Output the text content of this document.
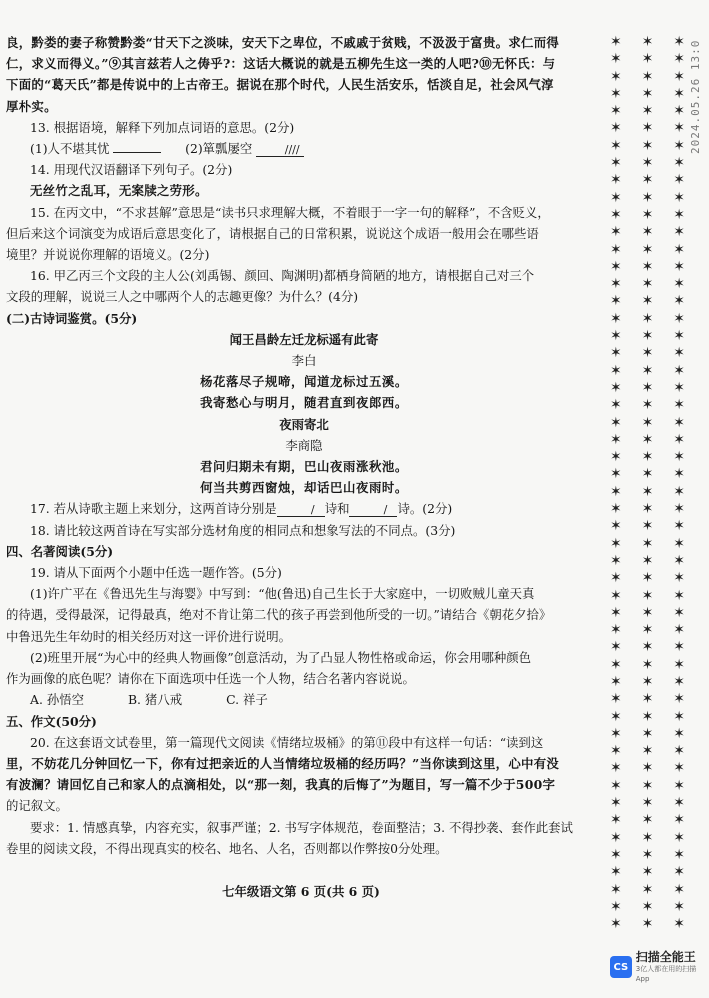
2024.05.26 13:0

良，黔娄的妻子称赞黔娄“甘天下之淡味，安天下之卑位，不戚戚于贫贱，不汲汲于富贵。求仁而得

仁，求义而得义。”⑨其言兹若人之俦乎?：这话大概说的就是五柳先生这一类的人吧?⑩无怀氏：与

下面的“葛天氏”都是传说中的上古帝王。据说在那个时代，人民生活安乐，恬淡自足，社会风气淳

厚朴实。

13. 根据语境，解释下列加点词语的意思。(2分)

(1)人不堪其忧	(2)箪瓢屡空	////

14. 用现代汉语翻译下列句子。(2分)

无丝竹之乱耳，无案牍之劳形。

15. 在丙文中，“不求甚解”意思是“读书只求理解大概，不着眼于一字一句的解释”，不含贬义，

但后来这个词演变为成语后意思变化了，请根据自己的日常积累，说说这个成语一般用会在哪些语

境里？并说说你理解的语境义。(2分)

16. 甲乙丙三个文段的主人公(刘禹锡、颜回、陶渊明)都栖身简陋的地方，请根据自己对三个

文段的理解，说说三人之中哪两个人的志趣更像？为什么？(4分)

(二)古诗词鉴赏。(5分)

闻王昌龄左迁龙标遥有此寄

李白

杨花落尽子规啼，闻道龙标过五溪。

我寄愁心与明月，随君直到夜郎西。

夜雨寄北

李商隐

君问归期未有期，巴山夜雨涨秋池。

何当共剪西窗烛，却话巴山夜雨时。

17. 若从诗歌主题上来划分，这两首诗分别是	/ 诗和	/ 诗。(2分)

18. 请比较这两首诗在写实部分选材角度的相同点和想象写法的不同点。(3分)

四、名著阅读(5分)

19. 请从下面两个小题中任选一题作答。(5分)

(1)许广平在《鲁迅先生与海婴》中写到：“他(鲁迅)自己生长于大家庭中，一切败贼儿童天真

的待遇，受得最深，记得最真，绝对不肯让第二代的孩子再尝到他所受的一切。”请结合《朝花夕拾》

中鲁迅先生年幼时的相关经历对这一评价进行说明。

(2)班里开展“为心中的经典人物画像”创意活动，为了凸显人物性格或命运，你会用哪种颜色

作为画像的底色呢？请你在下面选项中任选一个人物，结合名著内容说说。

A. 孙悟空	B. 猪八戒	C. 祥子

五、作文(50分)

20. 在这套语文试卷里，第一篇现代文阅读《情绪垃圾桶》的第⑪段中有这样一句话：“读到这

里，不妨花几分钟回忆一下，你有过把亲近的人当情绪垃圾桶的经历吗？”当你读到这里，心中有没

有波澜？请回忆自己和家人的点滴相处，以“那一刻，我真的后悔了”为题目，写一篇不少于500字

的记叙文。

要求：1. 情感真挚，内容充实，叙事严谨；2. 书写字体规范，卷面整洁；3. 不得抄袭、套作此套试

卷里的阅读文段，不得出现真实的校名、地名、人名，否则都以作弊按0分处理。

七年级语文第 6 页(共 6 页)
✶ ✶ ✶
✶ ✶ ✶
✶ ✶ ✶
✶ ✶ ✶
✶ ✶ ✶
✶ ✶ ✶
✶ ✶ ✶
✶ ✶ ✶
✶ ✶ ✶
✶ ✶ ✶
✶ ✶ ✶
✶ ✶ ✶
✶ ✶ ✶
✶ ✶ ✶
✶ ✶ ✶
✶ ✶ ✶
✶ ✶ ✶
✶ ✶ ✶
✶ ✶ ✶
✶ ✶ ✶
✶ ✶ ✶
✶ ✶ ✶
✶ ✶ ✶
✶ ✶ ✶
✶ ✶ ✶
✶ ✶ ✶
✶ ✶ ✶
✶ ✶ ✶
✶ ✶ ✶
✶ ✶ ✶
✶ ✶ ✶
✶ ✶ ✶
✶ ✶ ✶
✶ ✶ ✶
✶ ✶ ✶
✶ ✶ ✶
✶ ✶ ✶
✶ ✶ ✶
✶ ✶ ✶
✶ ✶ ✶
✶ ✶ ✶
✶ ✶ ✶
✶ ✶ ✶
✶ ✶ ✶
✶ ✶ ✶
✶ ✶ ✶
✶ ✶ ✶
✶ ✶ ✶
✶ ✶ ✶
✶ ✶ ✶
✶ ✶ ✶
✶ ✶ ✶
CS
扫描全能王
3亿人都在用的扫描App
